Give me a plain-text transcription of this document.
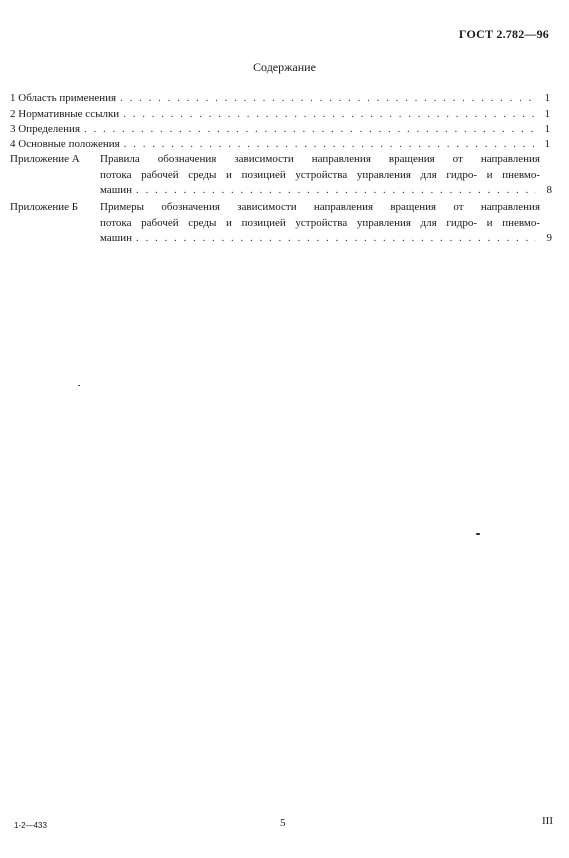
ГОСТ 2.782—96
Содержание
1 Область применения . . .	1
2 Нормативные ссылки . . .	1
3 Определения . . .	1
4 Основные положения . . .	1
Приложение А Правила обозначения зависимости направления вращения от направления
потока рабочей среды и позицией устройства управления для гидро- и пневмо-
машин . . .	8
Приложение Б Примеры обозначения зависимости направления вращения от направления
потока рабочей среды и позицией устройства управления для гидро- и пневмо-
машин . . .	9
1-2—433	5	III
